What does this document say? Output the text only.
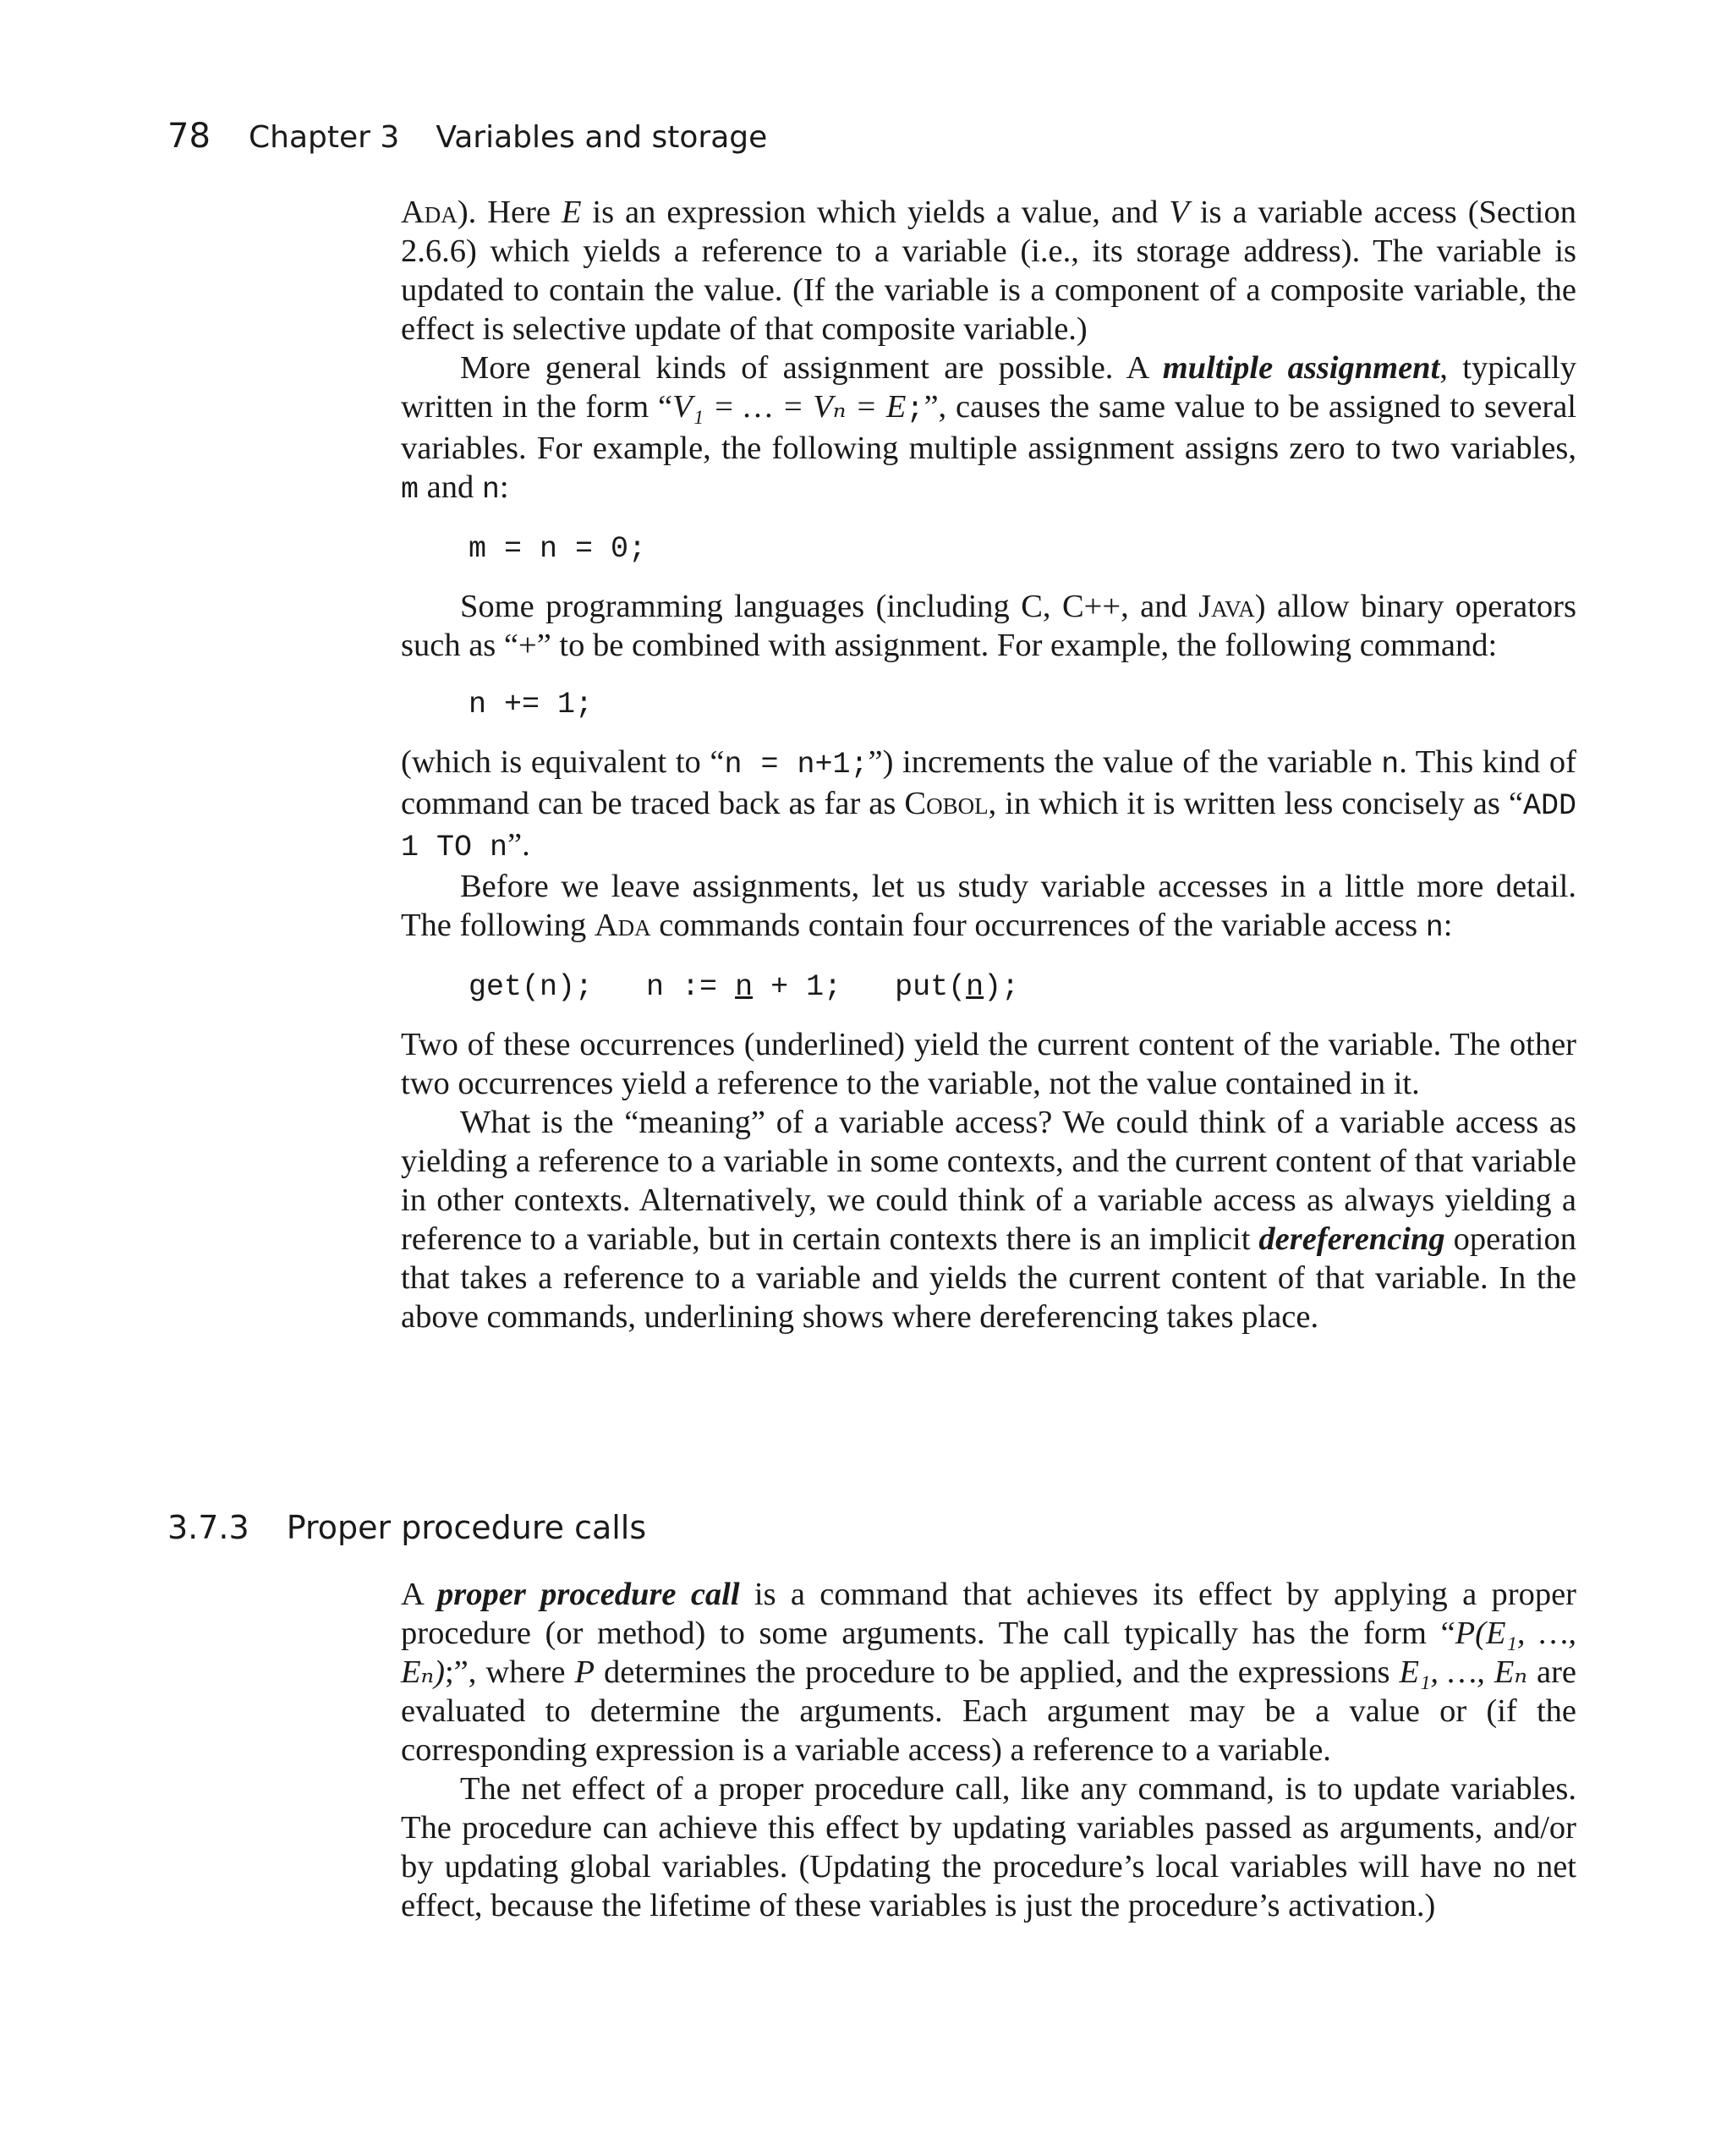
78 Chapter 3 Variables and storage

Ada). Here E is an expression which yields a value, and V is a variable access (Section 2.6.6) which yields a reference to a variable (i.e., its storage address). The variable is updated to contain the value. (If the variable is a component of a composite variable, the effect is selective update of that composite variable.)

More general kinds of assignment are possible. A multiple assignment, typically written in the form “V₁ = … = Vₙ = E;”, causes the same value to be assigned to several variables. For example, the following multiple assignment assigns zero to two variables, m and n:

m = n = 0;

Some programming languages (including C, C++, and Java) allow binary operators such as “+” to be combined with assignment. For example, the following command:

n += 1;

(which is equivalent to “n = n+1;”) increments the value of the variable n. This kind of command can be traced back as far as Cobol, in which it is written less concisely as “ADD 1 TO n”.

Before we leave assignments, let us study variable accesses in a little more detail. The following Ada commands contain four occurrences of the variable access n:

get(n);   n := n + 1;   put(n);

Two of these occurrences (underlined) yield the current content of the variable. The other two occurrences yield a reference to the variable, not the value contained in it.

What is the “meaning” of a variable access? We could think of a variable access as yielding a reference to a variable in some contexts, and the current content of that variable in other contexts. Alternatively, we could think of a variable access as always yielding a reference to a variable, but in certain contexts there is an implicit dereferencing operation that takes a reference to a variable and yields the current content of that variable. In the above commands, underlining shows where dereferencing takes place.

3.7.3 Proper procedure calls

A proper procedure call is a command that achieves its effect by applying a proper procedure (or method) to some arguments. The call typically has the form “P(E₁, …, Eₙ);”, where P determines the procedure to be applied, and the expressions E₁, …, Eₙ are evaluated to determine the arguments. Each argument may be a value or (if the corresponding expression is a variable access) a reference to a variable.

The net effect of a proper procedure call, like any command, is to update variables. The procedure can achieve this effect by updating variables passed as arguments, and/or by updating global variables. (Updating the procedure’s local variables will have no net effect, because the lifetime of these variables is just the procedure’s activation.)
